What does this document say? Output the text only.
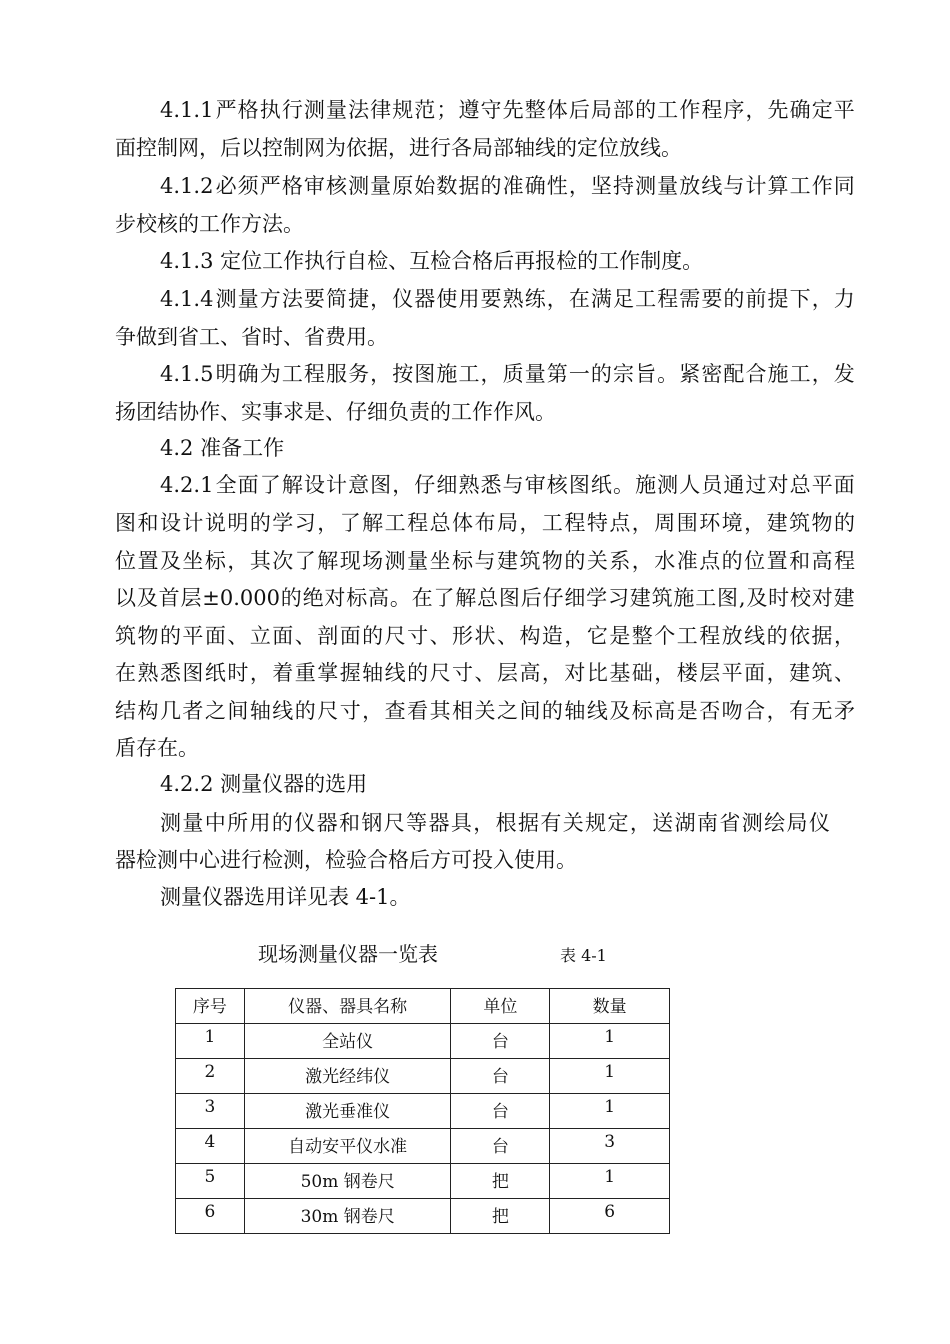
4.1.1 严 格 执 行 测 量 法 律 规 范 ； 遵 守 先 整 体 后 局 部 的 工 作 程 序 ， 先 确 定 平
面控制网，后以控制网为依据，进行各局部轴线的定位放线。
4.1.2 必 须 严 格 审 核 测 量 原 始 数 据 的 准 确 性 ， 坚 持 测 量 放 线 与 计 算 工 作 同
步校核的工作方法。
4.1.3 定位工作执行自检、互检合格后再报检的工作制度。
4.1.4 测 量 方 法 要 简 捷 ， 仪 器 使 用 要 熟 练 ， 在 满 足 工 程 需 要 的 前 提 下 ， 力
争做到省工、省时、省费用。
4.1.5 明 确 为 工 程 服 务 ， 按 图 施 工 ， 质 量 第 一 的 宗 旨 。 紧 密 配 合 施 工 ， 发
扬团结协作、实事求是、仔细负责的工作作风。
4.2 准备工作
4.2.1 全 面 了 解 设 计 意 图 ， 仔 细 熟 悉 与 审 核 图 纸 。 施 测 人 员 通 过 对 总 平 面
图 和 设 计 说 明 的 学 习 ， 了 解 工 程 总 体 布 局 ， 工 程 特 点 ， 周 围 环 境 ， 建 筑 物 的
位 置 及 坐 标 ， 其 次 了 解 现 场 测 量 坐 标 与 建 筑 物 的 关 系 ， 水 准 点 的 位 置 和 高 程
以 及 首 层 ±0.000 的 绝 对 标 高 。 在 了 解 总 图 后 仔 细 学 习 建 筑 施 工 图 , 及 时 校 对 建
筑 物 的 平 面 、 立 面 、 剖 面 的 尺 寸 、 形 状 、 构 造 ， 它 是 整 个 工 程 放 线 的 依 据 ，
在 熟 悉 图 纸 时 ， 着 重 掌 握 轴 线 的 尺 寸 、 层 高 ， 对 比 基 础 ， 楼 层 平 面 ， 建 筑 、
结 构 几 者 之 间 轴 线 的 尺 寸 ， 查 看 其 相 关 之 间 的 轴 线 及 标 高 是 否 吻 合 ， 有 无 矛
盾存在。
4.2.2 测量仪器的选用
测 量 中 所 用 的 仪 器 和 钢 尺 等 器 具 ， 根 据 有 关 规 定 ， 送 湖 南 省 测 绘 局 仪
器检测中心进行检测，检验合格后方可投入使用。
测量仪器选用详见表 4-1。
现场测量仪器一览表	表 4-1
序号	仪器、器具名称	单位	数量
1	全站仪	台	1
2	激光经纬仪	台	1
3	激光垂准仪	台	1
4	自动安平仪水准	台	3
5	50m 钢卷尺	把	1
6	30m 钢卷尺	把	6
